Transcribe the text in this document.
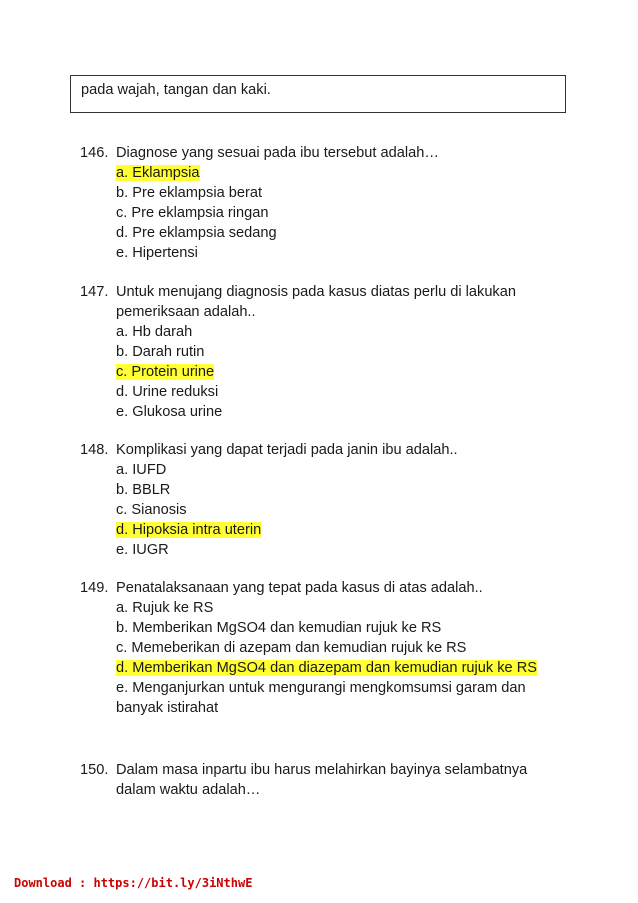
pada wajah, tangan dan kaki.
146. Diagnose yang sesuai pada ibu tersebut adalah…
a. Eklampsia
b. Pre eklampsia berat
c. Pre eklampsia ringan
d. Pre eklampsia sedang
e. Hipertensi
147. Untuk menujang diagnosis pada kasus diatas perlu di lakukan
pemeriksaan adalah..
a. Hb darah
b. Darah rutin
c. Protein urine
d. Urine reduksi
e. Glukosa urine
148. Komplikasi yang dapat terjadi pada janin ibu adalah..
a. IUFD
b. BBLR
c. Sianosis
d. Hipoksia intra uterin
e. IUGR
149. Penatalaksanaan yang tepat pada kasus di atas adalah..
a. Rujuk ke RS
b. Memberikan MgSO4 dan kemudian rujuk ke RS
c. Memeberikan di azepam dan kemudian rujuk ke RS
d. Memberikan MgSO4 dan diazepam dan kemudian rujuk ke RS
e. Menganjurkan untuk mengurangi mengkomsumsi garam dan
banyak istirahat
150. Dalam masa inpartu ibu harus melahirkan bayinya selambatnya
dalam waktu adalah…
Download : https://bit.ly/3iNthwE
